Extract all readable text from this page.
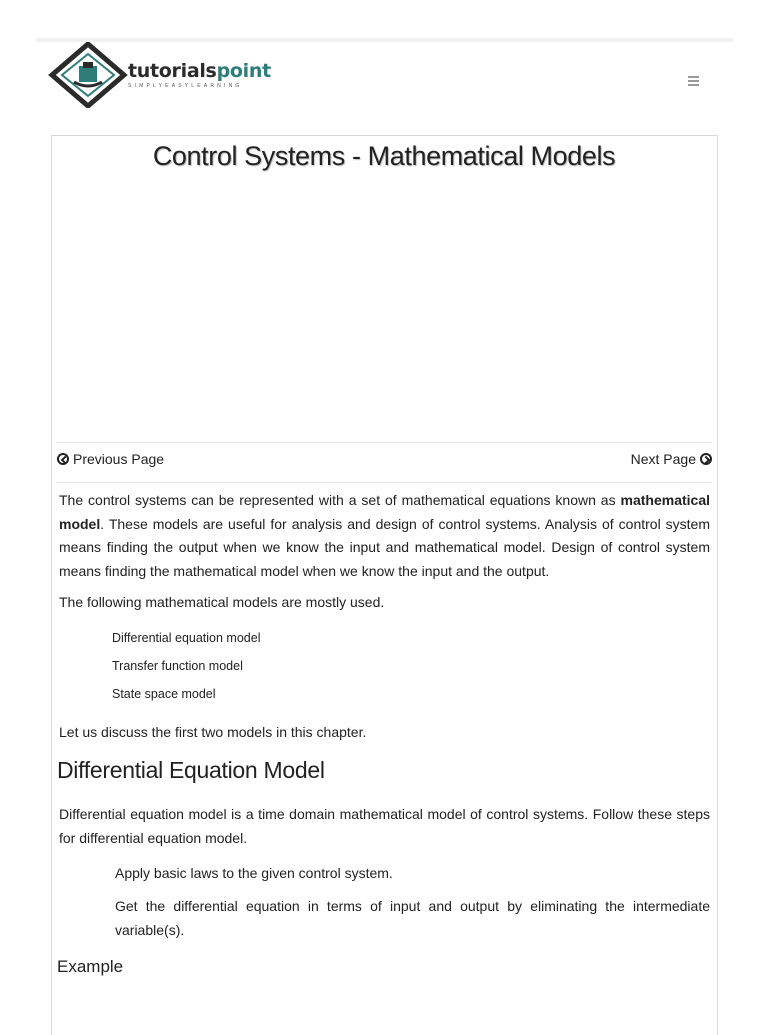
tutorialspoint
SIMPLYEASYLEARNING
Control Systems - Mathematical Models
Previous Page	Next Page

The control systems can be represented with a set of mathematical equations known as mathematical model. These models are useful for analysis and design of control systems. Analysis of control system means finding the output when we know the input and mathematical model. Design of control system means finding the mathematical model when we know the input and the output.

The following mathematical models are mostly used.

Differential equation model
Transfer function model
State space model

Let us discuss the first two models in this chapter.

Differential Equation Model

Differential equation model is a time domain mathematical model of control systems. Follow these steps for differential equation model.

Apply basic laws to the given control system.
Get the differential equation in terms of input and output by eliminating the intermediate variable(s).
Example
